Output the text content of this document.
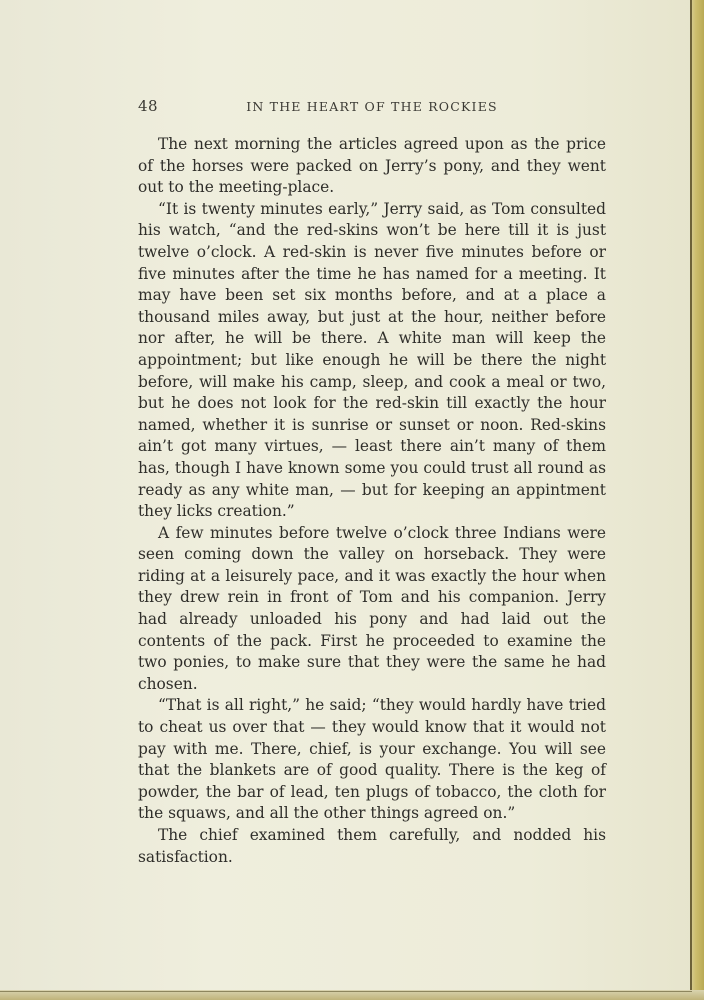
48	IN THE HEART OF THE ROCKIES

The next morning the articles agreed upon as the price of the horses were packed on Jerry’s pony, and they went out to the meeting-place.

“It is twenty minutes early,” Jerry said, as Tom consulted his watch, “and the red-skins won’t be here till it is just twelve o’clock. A red-skin is never five minutes before or five minutes after the time he has named for a meeting. It may have been set six months before, and at a place a thousand miles away, but just at the hour, neither before nor after, he will be there. A white man will keep the appointment; but like enough he will be there the night before, will make his camp, sleep, and cook a meal or two, but he does not look for the red-skin till exactly the hour named, whether it is sunrise or sunset or noon. Red-skins ain’t got many virtues, — least there ain’t many of them has, though I have known some you could trust all round as ready as any white man, — but for keeping an appintment they licks creation.”

A few minutes before twelve o’clock three Indians were seen coming down the valley on horseback. They were riding at a leisurely pace, and it was exactly the hour when they drew rein in front of Tom and his companion. Jerry had already unloaded his pony and had laid out the contents of the pack. First he proceeded to examine the two ponies, to make sure that they were the same he had chosen.

“That is all right,” he said; “they would hardly have tried to cheat us over that — they would know that it would not pay with me. There, chief, is your exchange. You will see that the blankets are of good quality. There is the keg of powder, the bar of lead, ten plugs of tobacco, the cloth for the squaws, and all the other things agreed on.”

The chief examined them carefully, and nodded his satisfaction.
